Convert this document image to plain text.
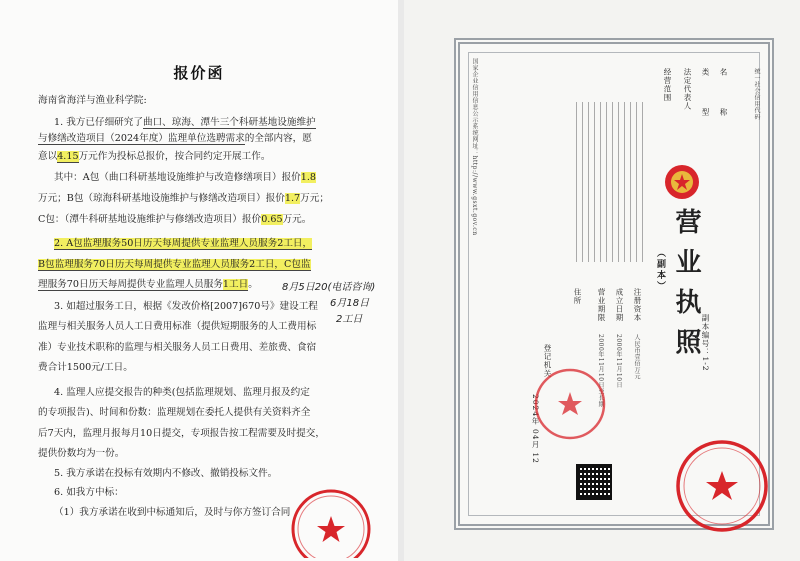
报价函
海南省海洋与渔业科学院:
1. 我方已仔细研究了曲口、琼海、潭牛三个科研基地设施维护
与修缮改造项目（2024年度）监理单位选聘需求的全部内容，愿
意以4.15万元作为投标总报价，按合同约定开展工作。
其中：A包（曲口科研基地设施维护与改造修缮项目）报价1.8
万元；B包（琼海科研基地设施维护与修缮改造项目）报价1.7万元；
C包：（潭牛科研基地设施维护与修缮改造项目）报价0.65万元。
2. A包监理服务50日历天每周提供专业监理人员服务2工日，
B包监理服务70日历天每周提供专业监理人员服务2工日，C包监
理服务70日历天每周提供专业监理人员服务1工日。
3. 如超过服务工日，根据《发改价格[2007]670号》建设工程
监理与相关服务人员人工日费用标准（提供短期服务的人工费用标
准）专业技术职称的监理与相关服务人员工日费用、差旅费、食宿
费合计1500元/工日。
4. 监理人应提交报告的种类(包括监理规划、监理月报及约定
的专项报告)、时间和份数：监理规划在委托人提供有关资料齐全
后7天内，监理月报每月10日提交，专项报告按工程需要及时提交，
提供份数均为一份。
5. 我方承诺在投标有效期内不修改、撤销投标文件。
6. 如我方中标：
（1）我方承诺在收到中标通知后，及时与你方签订合同
8月5日20(电话咨询)
6月18日
2工日	营业执照
（副本）
副本编号：1-2
统一社会信用代码
名
称
类
型
法定代表人
经营范围
注册资本
成立日期
营业期限
住所
人民币壹佰万元
2000年11月10日
2000年11月10日至长期
登记机关
2024年 04月 12
国家企业信用信息公示系统网址：http://www.gsxt.gov.cn
